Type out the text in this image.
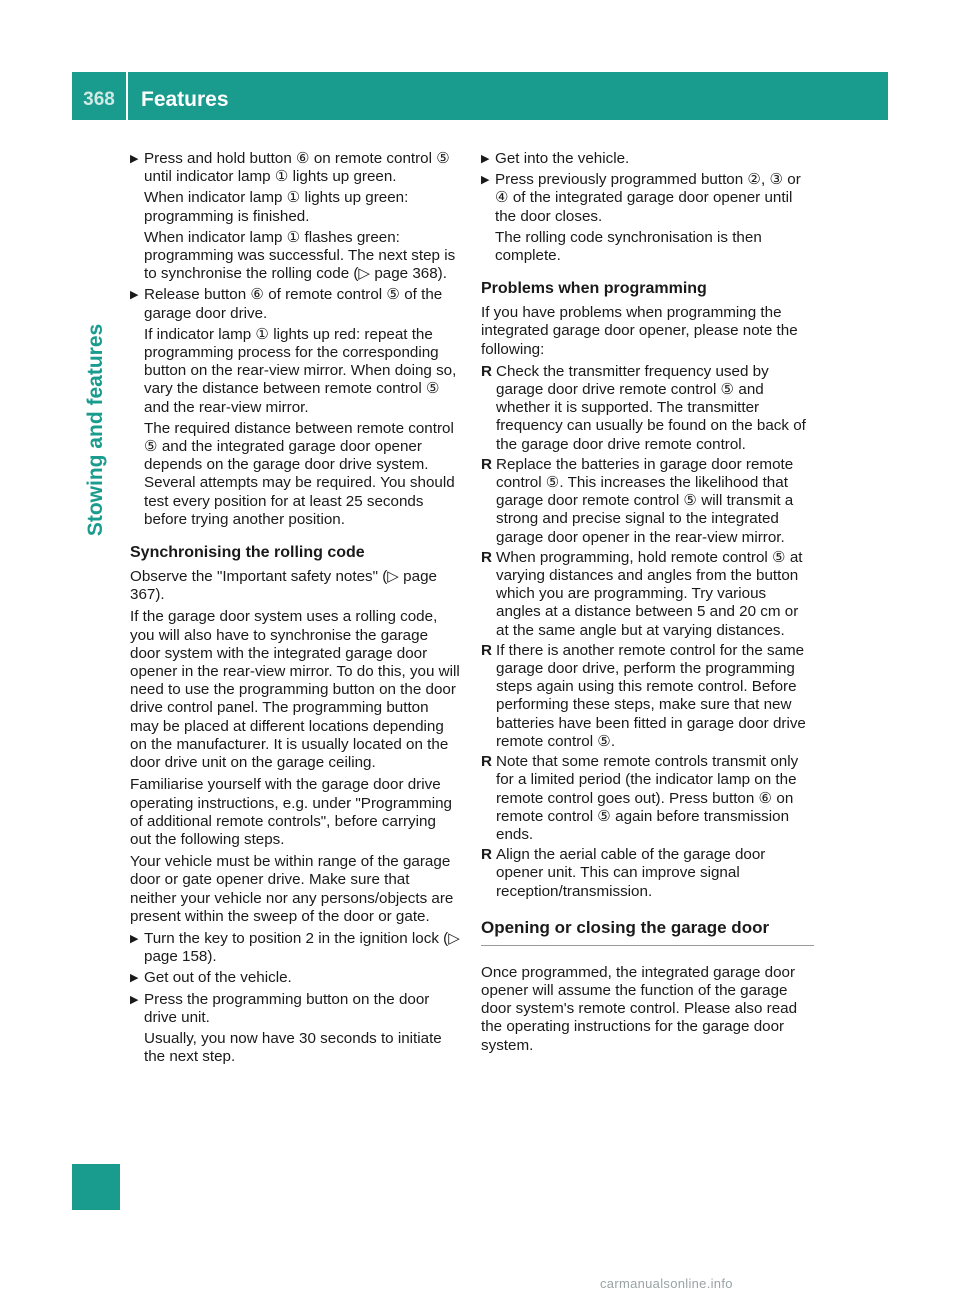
368	Features
Stowing and features
▶ Press and hold button ⑥ on remote control ⑤ until indicator lamp ① lights up green.
When indicator lamp ① lights up green: programming is finished.
When indicator lamp ① flashes green: programming was successful. The next step is to synchronise the rolling code (▷ page 368).
▶ Release button ⑥ of remote control ⑤ of the garage door drive.
If indicator lamp ① lights up red: repeat the programming process for the corresponding button on the rear-view mirror. When doing so, vary the distance between remote control ⑤ and the rear-view mirror.
The required distance between remote control ⑤ and the integrated garage door opener depends on the garage door drive system. Several attempts may be required. You should test every position for at least 25 seconds before trying another position.
Synchronising the rolling code

Observe the "Important safety notes" (▷ page 367).

If the garage door system uses a rolling code, you will also have to synchronise the garage door system with the integrated garage door opener in the rear-view mirror. To do this, you will need to use the programming button on the door drive control panel. The programming button may be placed at different locations depending on the manufacturer. It is usually located on the door drive unit on the garage ceiling.

Familiarise yourself with the garage door drive operating instructions, e.g. under "Programming of additional remote controls", before carrying out the following steps.

Your vehicle must be within range of the garage door or gate opener drive. Make sure that neither your vehicle nor any persons/objects are present within the sweep of the door or gate.

▶ Turn the key to position 2 in the ignition lock (▷ page 158).
▶ Get out of the vehicle.
▶ Press the programming button on the door drive unit.
Usually, you now have 30 seconds to initiate the next step.
▶ Get into the vehicle.
▶ Press previously programmed button ②, ③ or ④ of the integrated garage door opener until the door closes.
The rolling code synchronisation is then complete.
Problems when programming

If you have problems when programming the integrated garage door opener, please note the following:

R Check the transmitter frequency used by garage door drive remote control ⑤ and whether it is supported. The transmitter frequency can usually be found on the back of the garage door drive remote control.
R Replace the batteries in garage door remote control ⑤. This increases the likelihood that garage door remote control ⑤ will transmit a strong and precise signal to the integrated garage door opener in the rear-view mirror.
R When programming, hold remote control ⑤ at varying distances and angles from the button which you are programming. Try various angles at a distance between 5 and 20 cm or at the same angle but at varying distances.
R If there is another remote control for the same garage door drive, perform the programming steps again using this remote control. Before performing these steps, make sure that new batteries have been fitted in garage door drive remote control ⑤.
R Note that some remote controls transmit only for a limited period (the indicator lamp on the remote control goes out). Press button ⑥ on remote control ⑤ again before transmission ends.
R Align the aerial cable of the garage door opener unit. This can improve signal reception/transmission.
Opening or closing the garage door

Once programmed, the integrated garage door opener will assume the function of the garage door system's remote control. Please also read the operating instructions for the garage door system.

carmanualsonline.info
